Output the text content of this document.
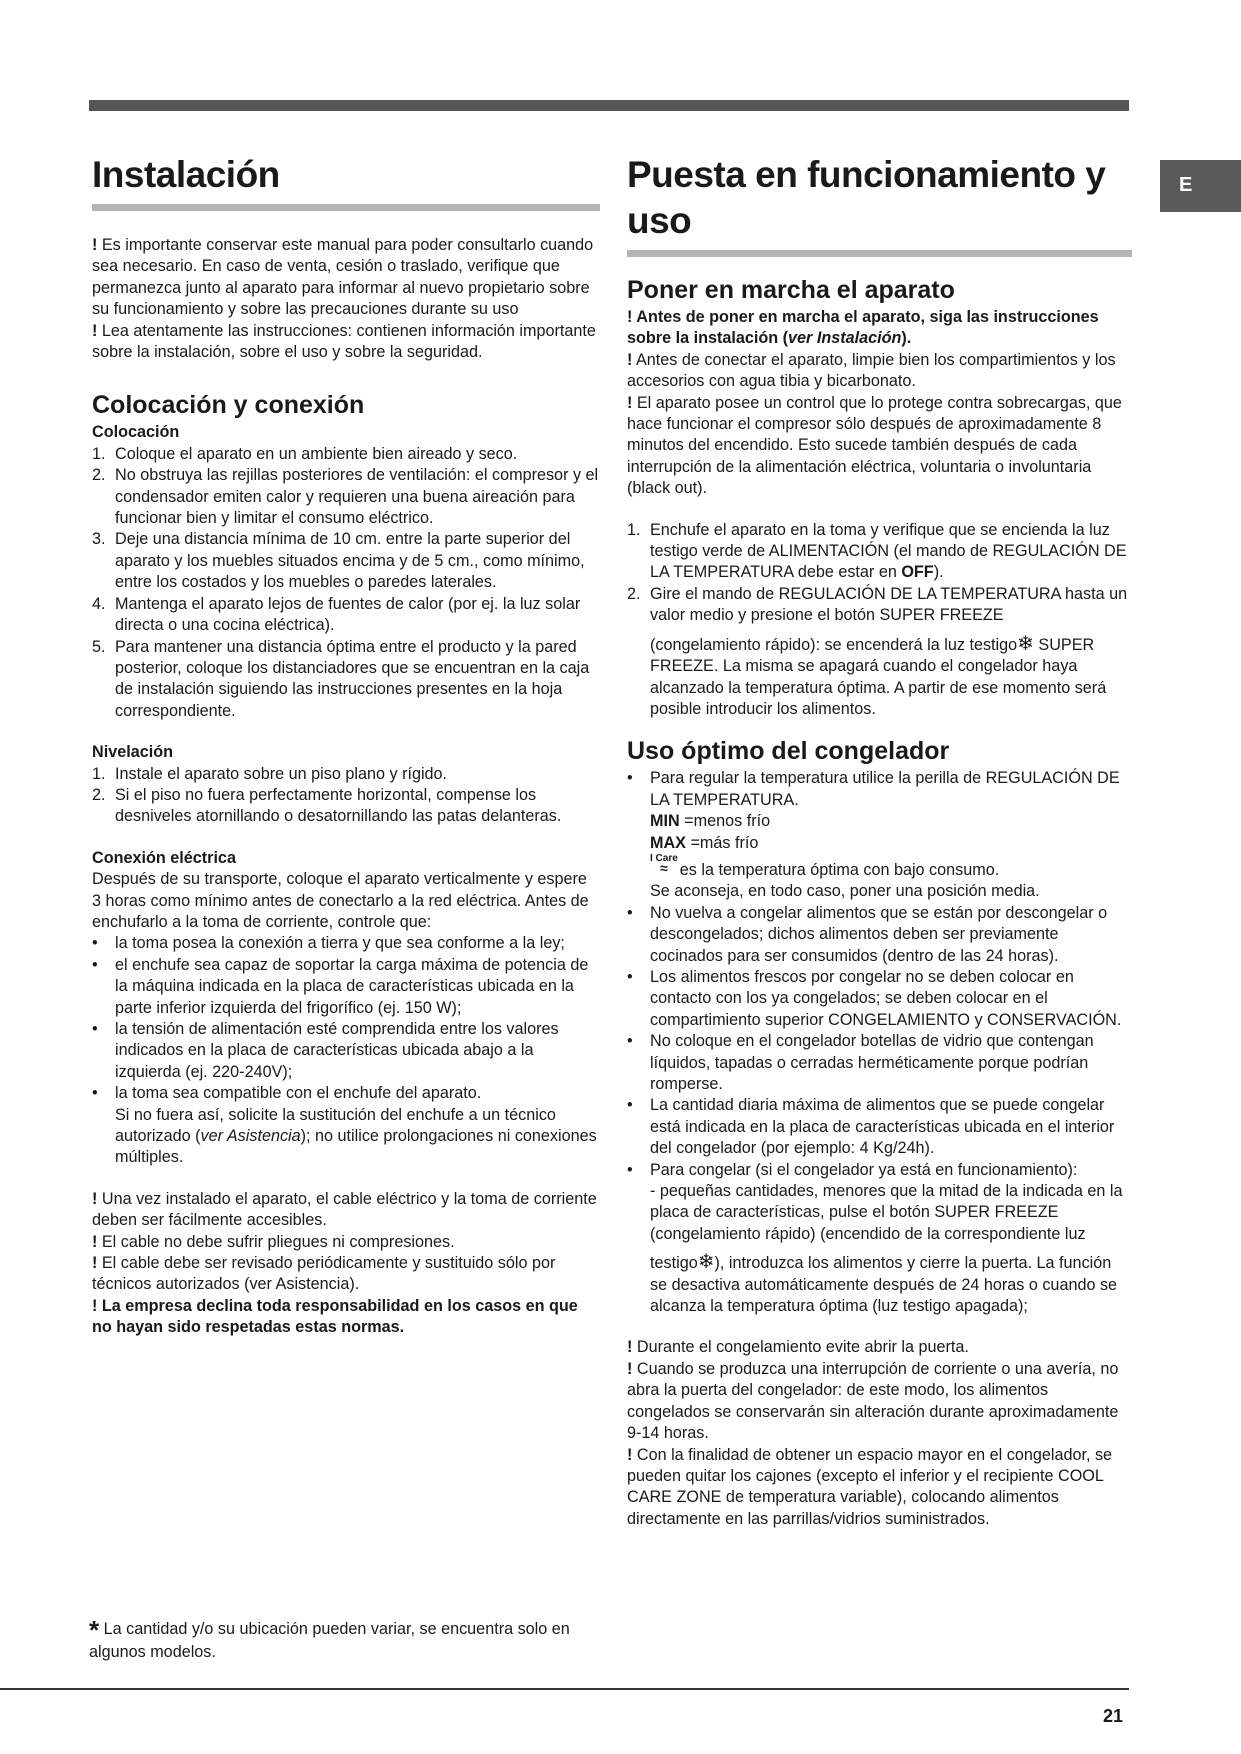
E
Instalación

! Es importante conservar este manual para poder consultarlo cuando sea necesario. En caso de venta, cesión o traslado, verifique que permanezca junto al aparato para informar al nuevo propietario sobre su funcionamiento y sobre las precauciones durante su uso

! Lea atentamente las instrucciones: contienen información importante sobre la instalación, sobre el uso y sobre la seguridad.

Colocación y conexión
Colocación
1. Coloque el aparato en un ambiente bien aireado y seco.
2. No obstruya las rejillas posteriores de ventilación: el compresor y el condensador emiten calor y requieren una buena aireación para funcionar bien y limitar el consumo eléctrico.
3. Deje una distancia mínima de 10 cm. entre la parte superior del aparato y los muebles situados encima y de 5 cm., como mínimo, entre los costados y los muebles o paredes laterales.
4. Mantenga el aparato lejos de fuentes de calor (por ej. la luz solar directa o una cocina eléctrica).
5. Para mantener una distancia óptima entre el producto y la pared posterior, coloque los distanciadores que se encuentran en la caja de instalación siguiendo las instrucciones presentes en la hoja correspondiente.
Nivelación
1. Instale el aparato sobre un piso plano y rígido.
2. Si el piso no fuera perfectamente horizontal, compense los desniveles atornillando o desatornillando las patas delanteras.
Conexión eléctrica

Después de su transporte, coloque el aparato verticalmente y espere 3 horas como mínimo antes de conectarlo a la red eléctrica. Antes de enchufarlo a la toma de corriente, controle que:

• la toma posea la conexión a tierra y que sea conforme a la ley;
• el enchufe sea capaz de soportar la carga máxima de potencia de la máquina indicada en la placa de características ubicada en la parte inferior izquierda del frigorífico (ej. 150 W);
• la tensión de alimentación esté comprendida entre los valores indicados en la placa de características ubicada abajo a la izquierda (ej. 220-240V);
• la toma sea compatible con el enchufe del aparato.

Si no fuera así, solicite la sustitución del enchufe a un técnico autorizado (ver Asistencia); no utilice prolongaciones ni conexiones múltiples.

! Una vez instalado el aparato, el cable eléctrico y la toma de corriente deben ser fácilmente accesibles.

! El cable no debe sufrir pliegues ni compresiones.

! El cable debe ser revisado periódicamente y sustituido sólo por técnicos autorizados (ver Asistencia).

! La empresa declina toda responsabilidad en los casos en que no hayan sido respetadas estas normas.

Puesta en funcionamiento y uso
Poner en marcha el aparato

! Antes de poner en marcha el aparato, siga las instrucciones sobre la instalación (ver Instalación).

! Antes de conectar el aparato, limpie bien los compartimientos y los accesorios con agua tibia y bicarbonato.

! El aparato posee un control que lo protege contra sobrecargas, que hace funcionar el compresor sólo después de aproximadamente 8 minutos del encendido. Esto sucede también después de cada interrupción de la alimentación eléctrica, voluntaria o involuntaria (black out).

1. Enchufe el aparato en la toma y verifique que se encienda la luz testigo verde de ALIMENTACIÓN (el mando de REGULACIÓN DE LA TEMPERATURA debe estar en OFF).
2. Gire el mando de REGULACIÓN DE LA TEMPERATURA hasta un valor medio y presione el botón SUPER FREEZE
(congelamiento rápido): se encenderá la luz testigo❄ SUPER FREEZE. La misma se apagará cuando el congelador haya alcanzado la temperatura óptima. A partir de ese momento será posible introducir los alimentos.
Uso óptimo del congelador
• Para regular la temperatura utilice la perilla de REGULACIÓN DE LA TEMPERATURA.
MIN =menos frío
MAX =más frío
I Care
≈ es la temperatura óptima con bajo consumo.
Se aconseja, en todo caso, poner una posición media.
• No vuelva a congelar alimentos que se están por descongelar o descongelados; dichos alimentos deben ser previamente cocinados para ser consumidos (dentro de las 24 horas).
• Los alimentos frescos por congelar no se deben colocar en contacto con los ya congelados; se deben colocar en el compartimiento superior CONGELAMIENTO y CONSERVACIÓN.
• No coloque en el congelador botellas de vidrio que contengan líquidos, tapadas o cerradas herméticamente porque podrían romperse.
• La cantidad diaria máxima de alimentos que se puede congelar está indicada en la placa de características ubicada en el interior del congelador (por ejemplo: 4 Kg/24h).
• Para congelar (si el congelador ya está en funcionamiento):
- pequeñas cantidades, menores que la mitad de la indicada en la placa de características, pulse el botón SUPER FREEZE (congelamiento rápido) (encendido de la correspondiente luz
testigo❄), introduzca los alimentos y cierre la puerta. La función se desactiva automáticamente después de 24 horas o cuando se alcanza la temperatura óptima (luz testigo apagada);

! Durante el congelamiento evite abrir la puerta.

! Cuando se produzca una interrupción de corriente o una avería, no abra la puerta del congelador: de este modo, los alimentos congelados se conservarán sin alteración durante aproximadamente 9-14 horas.

! Con la finalidad de obtener un espacio mayor en el congelador, se pueden quitar los cajones (excepto el inferior y el recipiente COOL CARE ZONE de temperatura variable), colocando alimentos directamente en las parrillas/vidrios suministrados.

* La cantidad y/o su ubicación pueden variar, se encuentra solo en algunos modelos.
21
